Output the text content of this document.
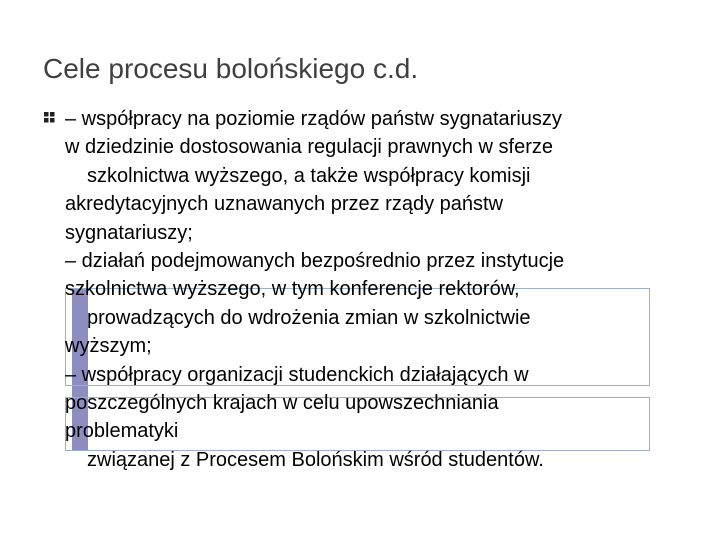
Cele procesu bolońskiego c.d.
– współpracy na poziomie rządów państw sygnatariuszy
w dziedzinie dostosowania regulacji prawnych w sferze
szkolnictwa wyższego, a także współpracy komisji
akredytacyjnych uznawanych przez rządy państw
sygnatariuszy;
– działań podejmowanych bezpośrednio przez instytucje
szkolnictwa wyższego, w tym konferencje rektorów,
prowadzących do wdrożenia zmian w szkolnictwie
wyższym;
– współpracy organizacji studenckich działających w
poszczególnych krajach w celu upowszechniania
problematyki
związanej z Procesem Bolońskim wśród studentów.
